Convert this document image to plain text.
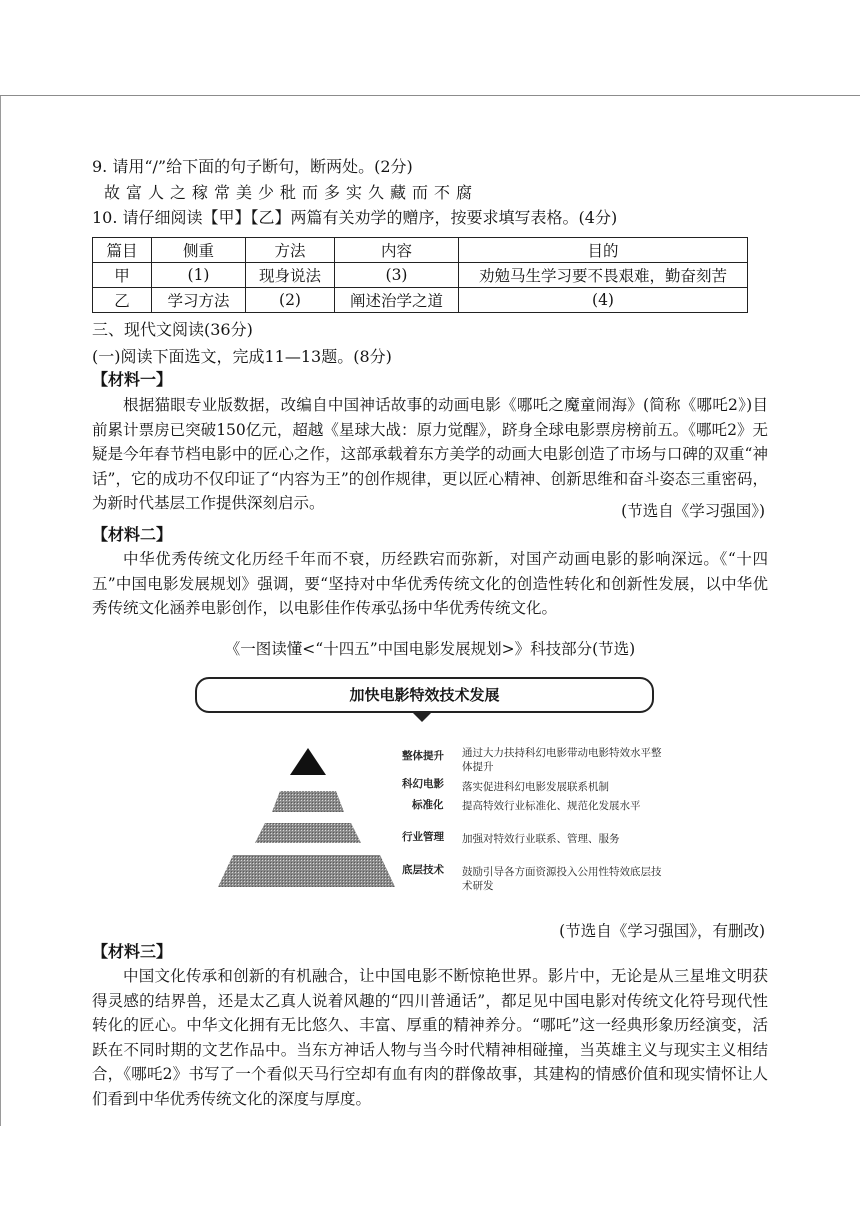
9. 请用“/”给下面的句子断句，断两处。(2分)
故富人之稼常美少秕而多实久藏而不腐
10. 请仔细阅读【甲】【乙】两篇有关劝学的赠序，按要求填写表格。(4分)
篇目	侧重	方法	内容	目的
甲	(1)	现身说法	(3)	劝勉马生学习要不畏艰难，勤奋刻苦
乙	学习方法	(2)	阐述治学之道	(4)
三、现代文阅读(36分)
(一)阅读下面选文，完成11—13题。(8分)
【材料一】

根据猫眼专业版数据，改编自中国神话故事的动画电影《哪吒之魔童闹海》(简称《哪吒2》)目前累计票房已突破150亿元，超越《星球大战：原力觉醒》，跻身全球电影票房榜前五。《哪吒2》无疑是今年春节档电影中的匠心之作，这部承载着东方美学的动画大电影创造了市场与口碑的双重“神话”，它的成功不仅印证了“内容为王”的创作规律，更以匠心精神、创新思维和奋斗姿态三重密码，为新时代基层工作提供深刻启示。	(节选自《学习强国》)
【材料二】

中华优秀传统文化历经千年而不衰，历经跌宕而弥新，对国产动画电影的影响深远。《“十四五”中国电影发展规划》强调，要“坚持对中华优秀传统文化的创造性转化和创新性发展，以中华优秀传统文化涵养电影创作，以电影佳作传承弘扬中华优秀传统文化。

《一图读懂<“十四五”中国电影发展规划>》科技部分(节选)
加快电影特效技术发展
整体提升 通过大力扶持科幻电影带动电影特效水平整体提升
科幻电影 落实促进科幻电影发展联系机制
标准化 提高特效行业标准化、规范化发展水平
行业管理 加强对特效行业联系、管理、服务
底层技术 鼓励引导各方面资源投入公用性特效底层技术研发
(节选自《学习强国》，有删改)
【材料三】

中国文化传承和创新的有机融合，让中国电影不断惊艳世界。影片中，无论是从三星堆文明获得灵感的结界兽，还是太乙真人说着风趣的“四川普通话”，都足见中国电影对传统文化符号现代性转化的匠心。中华文化拥有无比悠久、丰富、厚重的精神养分。“哪吒”这一经典形象历经演变，活跃在不同时期的文艺作品中。当东方神话人物与当今时代精神相碰撞，当英雄主义与现实主义相结合，《哪吒2》书写了一个看似天马行空却有血有肉的群像故事，其建构的情感价值和现实情怀让人们看到中华优秀传统文化的深度与厚度。
